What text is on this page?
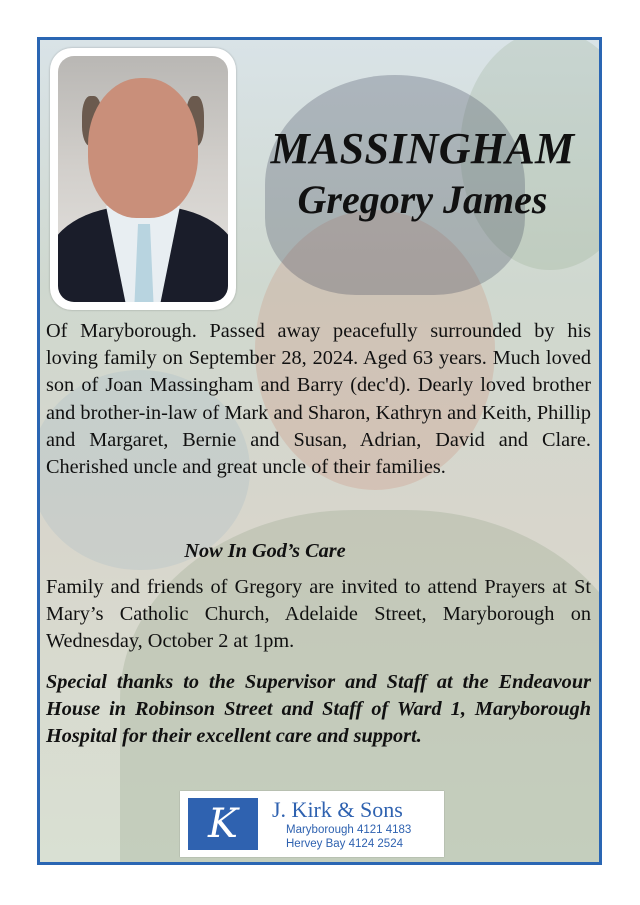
MASSINGHAM
Gregory James
Of Maryborough. Passed away peacefully surrounded by his loving family on September 28, 2024. Aged 63 years. Much loved son of Joan Massingham and Barry (dec'd). Dearly loved brother and brother-in-law of Mark and Sharon, Kathryn and Keith, Phillip and Margaret, Bernie and Susan, Adrian, David and Clare. Cherished uncle and great uncle of their families.
Now In God’s Care
Family and friends of Gregory are invited to attend Prayers at St Mary’s Catholic Church, Adelaide Street, Maryborough on Wednesday, October 2 at 1pm.
Special thanks to the Supervisor and Staff at the Endeavour House in Robinson Street and Staff of Ward 1, Maryborough Hospital for their excellent care and support.
K J. Kirk & Sons
Maryborough 4121 4183
Hervey Bay 4124 2524
